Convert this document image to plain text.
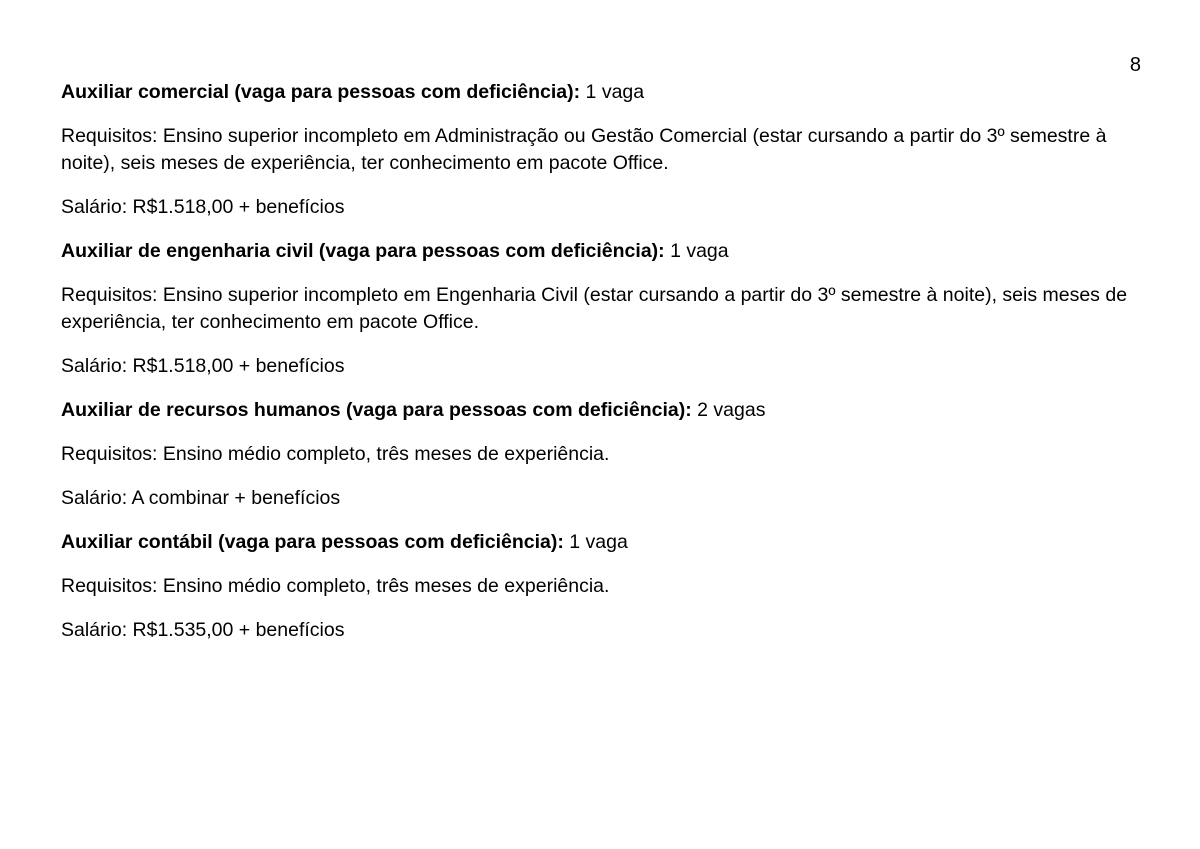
8

Auxiliar comercial (vaga para pessoas com deficiência): 1 vaga

Requisitos: Ensino superior incompleto em Administração ou Gestão Comercial (estar cursando a partir do 3º semestre à noite), seis meses de experiência, ter conhecimento em pacote Office.

Salário: R$1.518,00 + benefícios

Auxiliar de engenharia civil (vaga para pessoas com deficiência): 1 vaga

Requisitos: Ensino superior incompleto em Engenharia Civil (estar cursando a partir do 3º semestre à noite), seis meses de experiência, ter conhecimento em pacote Office.

Salário: R$1.518,00 + benefícios

Auxiliar de recursos humanos (vaga para pessoas com deficiência): 2 vagas

Requisitos: Ensino médio completo, três meses de experiência.

Salário: A combinar + benefícios

Auxiliar contábil (vaga para pessoas com deficiência): 1 vaga

Requisitos: Ensino médio completo, três meses de experiência.

Salário: R$1.535,00 + benefícios
